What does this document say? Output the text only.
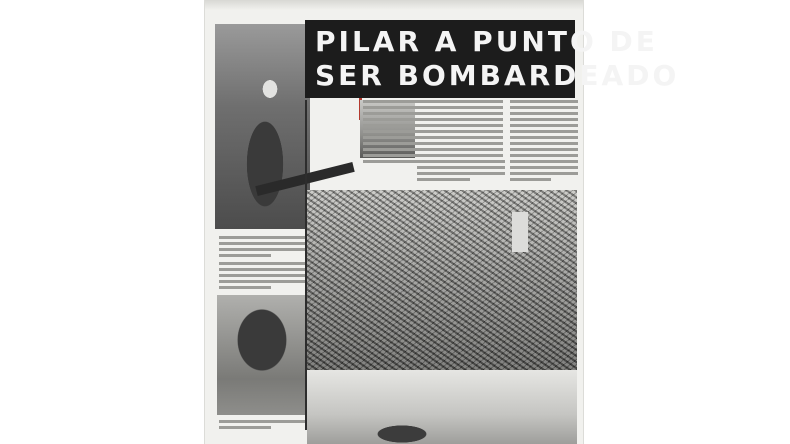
PILAR A PUNTO DE
SER BOMBARDEADO
